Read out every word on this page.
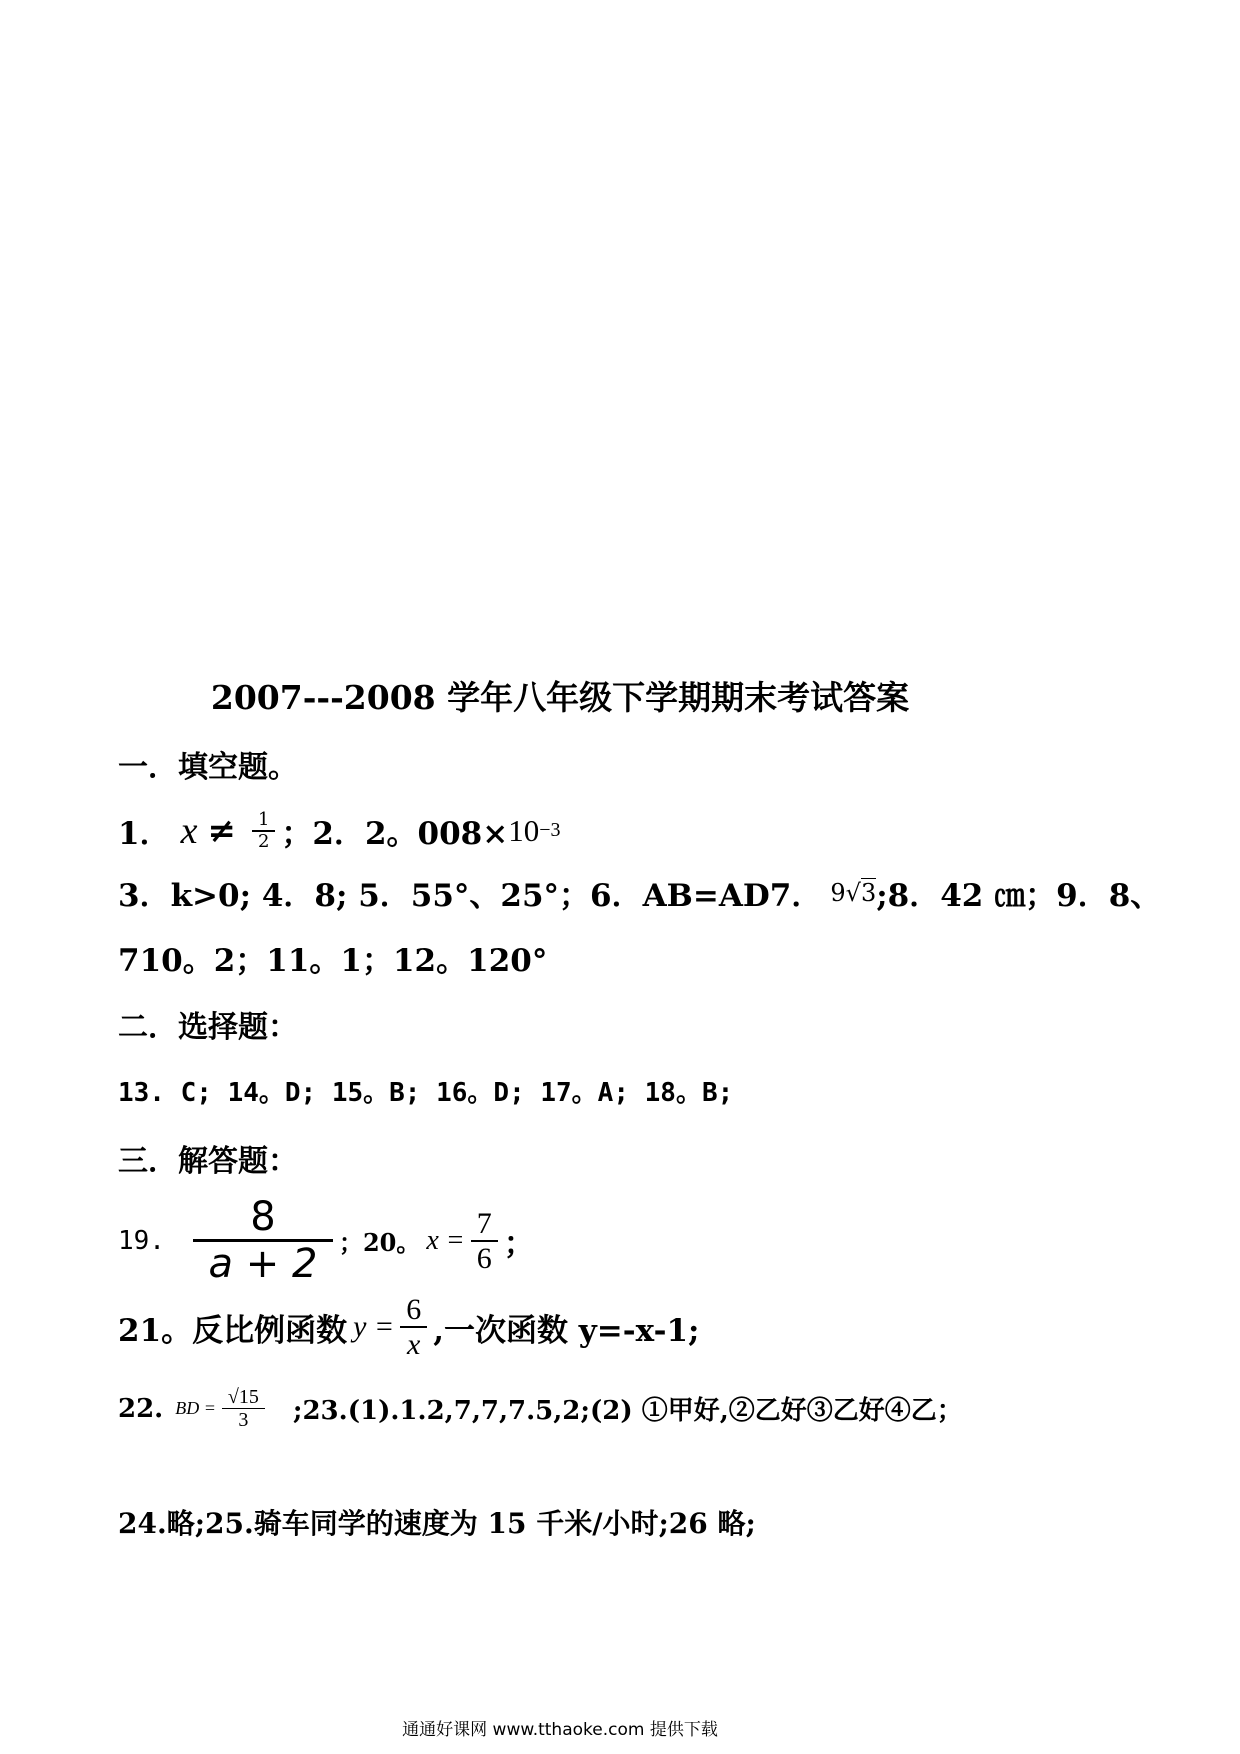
2007---2008 学年八年级下学期期末考试答案
一．填空题。
1． $x \ne \frac{1}{2}$ ；2．2。008× 10 −3
3．k>0; 4．8; 5．55°、25°；6．AB=AD7． 9 √3 ;8．42 ㎝；9．8、
710。2；11。1；12。120°
二．选择题：
13. C; 14。D; 15。B; 16。D; 17。A; 18。B;
三．解答题：
19. $\frac{8}{a + 2}$ ；20。 $x = \frac{7}{6}$ ；
21。反比例函数 $y = \frac{6}{x}$ ,一次函数 y=-x-1;
22. BD = $\frac{√15}{3}$ ;23.(1).1.2,7,7,7.5,2;(2) ①甲好,②乙好③乙好④乙；
24.略;25.骑车同学的速度为 15 千米/小时;26 略;
通通好课网 www.tthaoke.com 提供下载
